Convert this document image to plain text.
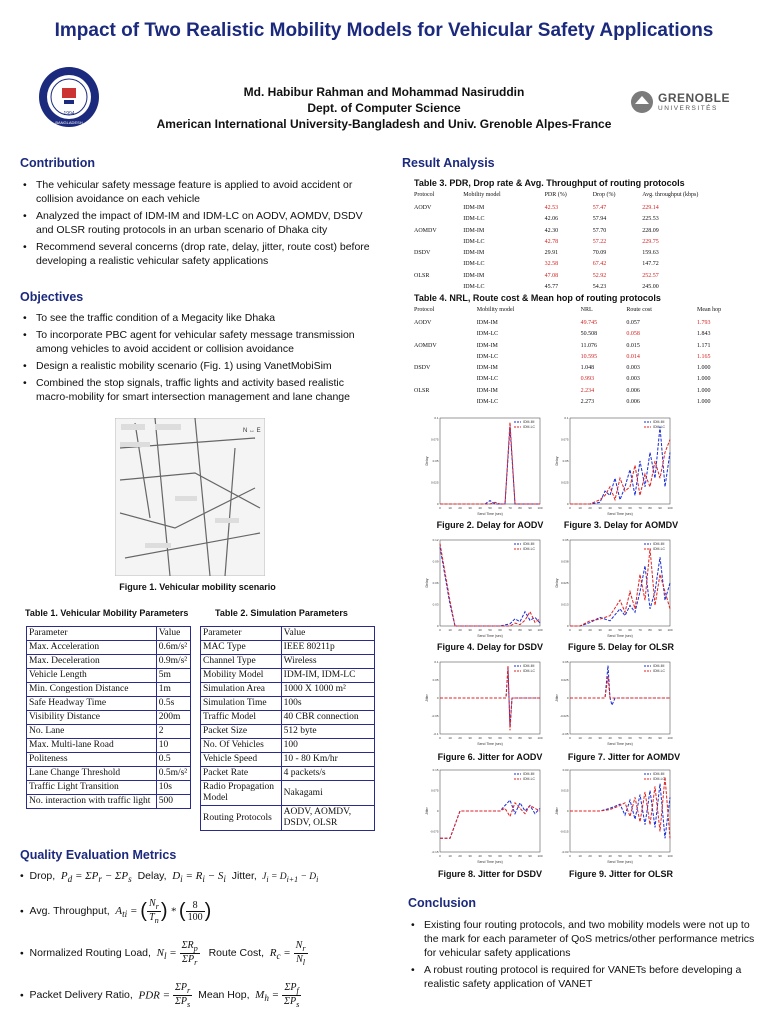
Impact of Two Realistic Mobility Models for Vehicular Safety Applications
1994
BANGLADESH
Md. Habibur Rahman and Mohammad Nasiruddin
Dept. of Computer Science
American International University-Bangladesh and Univ. Grenoble Alpes-France
GRENOBLE
UNIVERSITÉS
Contribution
• The vehicular safety message feature is applied to avoid accident or collision avoidance on each vehicle
• Analyzed the impact of IDM-IM and IDM-LC on AODV, AOMDV, DSDV and OLSR routing protocols in an urban scenario of Dhaka city
• Recommend several concerns (drop rate, delay, jitter, route cost) before developing a realistic vehicular safety applications
Objectives
• To see the traffic condition of a Megacity like Dhaka
• To incorporate PBC agent for vehicular safety message transmission among vehicles to avoid accident or collision avoidance
• Design a realistic mobility scenario (Fig. 1) using VanetMobiSim
• Combined the stop signals, traffic lights and activity based realistic macro-mobility for smart intersection management and lane change
N ↔ E
Figure 1. Vehicular mobility scenario
Table 1. Vehicular Mobility Parameters
Parameter	Value
Max. Acceleration	0.6m/s²
Max. Deceleration	0.9m/s²
Vehicle Length	5m
Min. Congestion Distance	1m
Safe Headway Time	0.5s
Visibility Distance	200m
No. Lane	2
Max. Multi-lane Road	10
Politeness	0.5
Lane Change Threshold	0.5m/s²
Traffic Light Transition	10s
No. interaction with traffic light	500
Table 2. Simulation Parameters
Parameter	Value
MAC Type	IEEE 80211p
Channel Type	Wireless
Mobility Model	IDM-IM, IDM-LC
Simulation Area	1000 X 1000 m²
Simulation Time	100s
Traffic Model	40 CBR connection
Packet Size	512 byte
No. Of Vehicles	100
Vehicle Speed	10 - 80 Km/hr
Packet Rate	4 packets/s
Radio Propagation Model	Nakagami
Routing Protocols	AODV, AOMDV, DSDV, OLSR
Quality Evaluation Metrics
•  Drop,  $P_d = \Sigma P_r - \Sigma P_s$ Delay,  $D_i = R_i - S_i$ Jitter,  $J_i = D_{i+1} - D_i$
•  Avg. Throughput,  $A_{ti}$ = ( $\frac{N_r}{T_n}$ ) * ( $\frac{8}{100}$ )
•  Normalized Routing Load,  $N_l = \frac{\Sigma R_p}{\Sigma P_r}$ Route Cost,  $R_c = \frac{N_r}{N_l}$
•  Packet Delivery Ratio,  PDR = $\frac{\Sigma P_r}{\Sigma P_s}$ Mean Hop,  $M_h = \frac{\Sigma P_f}{\Sigma P_s}$
Result Analysis
Table 3. PDR, Drop rate & Avg. Throughput of routing protocols
Protocol	Mobility model	PDR (%)	Drop (%)	Avg. throughput (kbps)
AODV	IDM-IM	42.53	57.47	229.14
	IDM-LC	42.06	57.94	225.53
AOMDV	IDM-IM	42.30	57.70	228.09
	IDM-LC	42.78	57.22	229.75
DSDV	IDM-IM	29.91	70.09	159.63
	IDM-LC	32.58	67.42	147.72
OLSR	IDM-IM	47.08	52.92	252.57
	IDM-LC	45.77	54.23	245.00
Table 4. NRL, Route cost & Mean hop of routing protocols
Protocol	Mobility model	NRL	Route cost	Mean hop
AODV	IDM-IM	49.745	0.057	1.793
	IDM-LC	50.508	0.058	1.843
AOMDV	IDM-IM	11.076	0.015	1.171
	IDM-LC	10.595	0.014	1.165
DSDV	IDM-IM	1.048	0.003	1.000
	IDM-LC	0.993	0.003	1.000
OLSR	IDM-IM	2.234	0.006	1.000
	IDM-LC	2.273	0.006	1.000
0 10 20 30 40 50 60 70 80 90 100
0
0.025
0.05
0.075
0.1
Send Time (sec)
Delay
IDM-IM
IDM-LC
Figure 2. Delay for AODV
0 10 20 30 40 50 60 70 80 90 100
0
0.025
0.05
0.075
0.1
Send Time (sec)
Delay
IDM-IM
IDM-LC
Figure 3. Delay for AOMDV
0 10 20 30 40 50 60 70 80 90 100
0
0.03
0.06
0.09
0.12
Send Time (sec)
Delay
IDM-IM
IDM-LC
Figure 4. Delay for DSDV
0 10 20 30 40 50 60 70 80 90 100
0
0.013
0.025
0.038
0.05
Send Time (sec)
Delay
IDM-IM
IDM-LC
Figure 5. Delay for OLSR
0 10 20 30 40 50 60 70 80 90 100
-0.1
-0.05
0
0.05
0.1
Send Time (sec)
Jitter
IDM-IM
IDM-LC
Figure 6. Jitter for AODV
0 10 20 30 40 50 60 70 80 90 100
-0.05
-0.025
0
0.025
0.05
Send Time (sec)
Jitter
IDM-IM
IDM-LC
Figure 7. Jitter for AOMDV
0 10 20 30 40 50 60 70 80 90 100
-0.15
-0.075
0
0.075
0.15
Send Time (sec)
Jitter
IDM-IM
IDM-LC
Figure 8. Jitter for DSDV
0 10 20 30 40 50 60 70 80 90 100
-0.03
-0.015
0
0.015
0.03
Send Time (sec)
Jitter
IDM-IM
IDM-LC
Figure 9. Jitter for OLSR
Conclusion
• Existing four routing protocols, and two mobility models were not up to the mark for each parameter of QoS metrics/other performance metrics for vehicular safety applications
• A robust routing protocol is required for VANETs before developing a realistic safety application of VANET
